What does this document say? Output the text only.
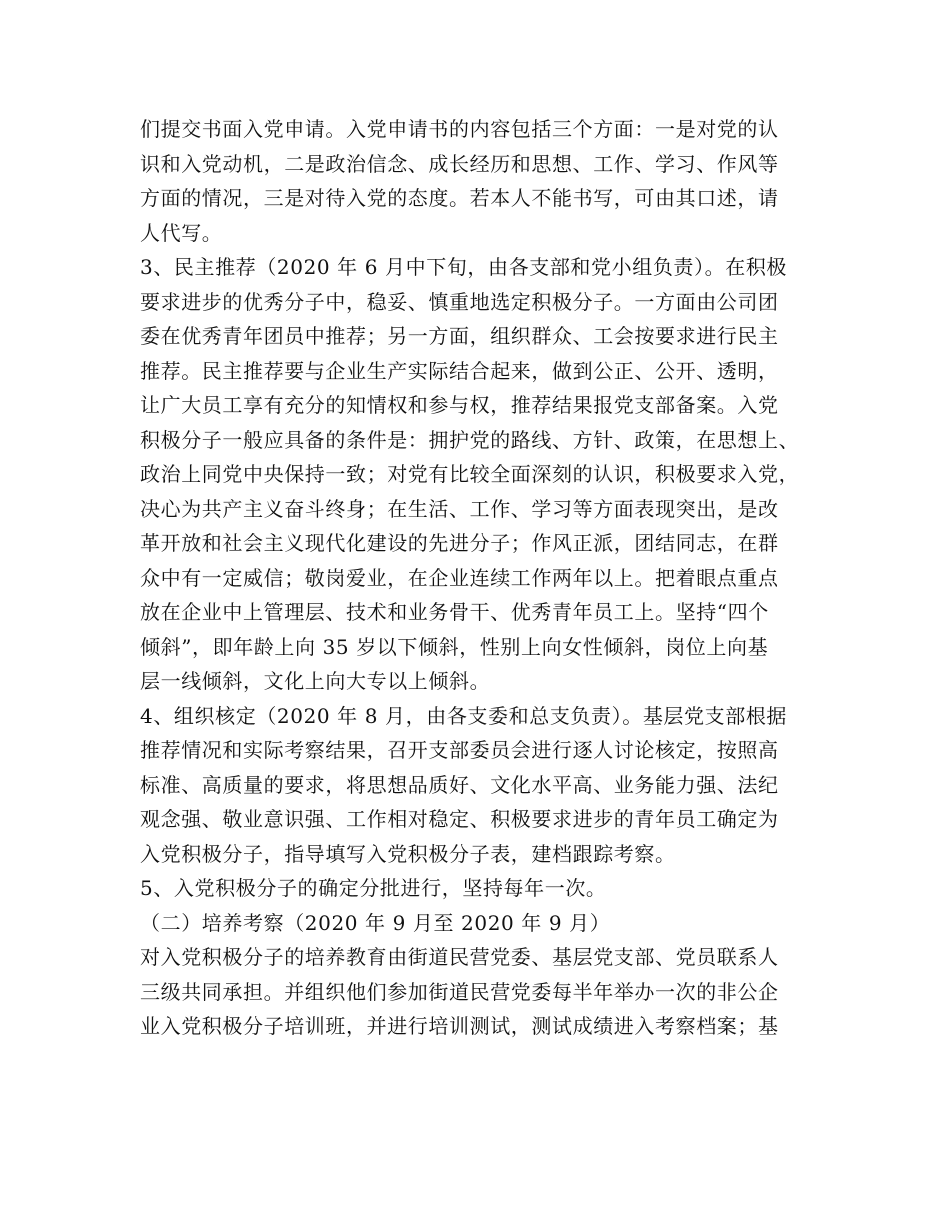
们提交书面入党申请。入党申请书的内容包括三个方面：一是对党的认
识和入党动机，二是政治信念、成长经历和思想、工作、学习、作风等
方面的情况，三是对待入党的态度。若本人不能书写，可由其口述，请
人代写。
3、民主推荐（2020 年 6 月中下旬，由各支部和党小组负责）。在积极
要求进步的优秀分子中，稳妥、慎重地选定积极分子。一方面由公司团
委在优秀青年团员中推荐；另一方面，组织群众、工会按要求进行民主
推荐。民主推荐要与企业生产实际结合起来，做到公正、公开、透明，
让广大员工享有充分的知情权和参与权，推荐结果报党支部备案。入党
积极分子一般应具备的条件是：拥护党的路线、方针、政策，在思想上、
政治上同党中央保持一致；对党有比较全面深刻的认识，积极要求入党，
决心为共产主义奋斗终身；在生活、工作、学习等方面表现突出，是改
革开放和社会主义现代化建设的先进分子；作风正派，团结同志，在群
众中有一定威信；敬岗爱业，在企业连续工作两年以上。把着眼点重点
放在企业中上管理层、技术和业务骨干、优秀青年员工上。坚持“四个
倾斜”，即年龄上向 35 岁以下倾斜，性别上向女性倾斜，岗位上向基
层一线倾斜，文化上向大专以上倾斜。
4、组织核定（2020 年 8 月，由各支委和总支负责）。基层党支部根据
推荐情况和实际考察结果，召开支部委员会进行逐人讨论核定，按照高
标准、高质量的要求，将思想品质好、文化水平高、业务能力强、法纪
观念强、敬业意识强、工作相对稳定、积极要求进步的青年员工确定为
入党积极分子，指导填写入党积极分子表，建档跟踪考察。
5、入党积极分子的确定分批进行，坚持每年一次。
（二）培养考察（2020 年 9 月至 2020 年 9 月）
对入党积极分子的培养教育由街道民营党委、基层党支部、党员联系人
三级共同承担。并组织他们参加街道民营党委每半年举办一次的非公企
业入党积极分子培训班，并进行培训测试，测试成绩进入考察档案；基
